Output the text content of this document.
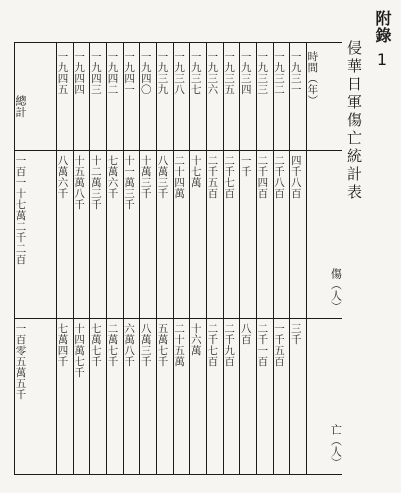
附錄
1
侵華日軍傷亡統計表
總計	一九四五	一九四四	一九四三	一九四二	一九四一	一九四〇	一九三九	一九三八	一九三七	一九三六	一九三五	一九三四	一九三三	一九三二	一九三一	時間（年）

一百一十七萬二千二百	八萬六千	十五萬八千	十二萬三千	七萬六千	十一萬三千	十萬三千	八萬三千	二十四萬	十七萬	二千五百	二千七百	一千	二千四百	二千八百	四千八百	傷（人）

一百零五萬五千	七萬四千	十四萬七千	七萬七千	二萬七千	六萬八千	八萬三千	五萬七千	二十五萬	十六萬	二千七百	二千九百	八百	二千一百	一千五百	三千	亡（人）
